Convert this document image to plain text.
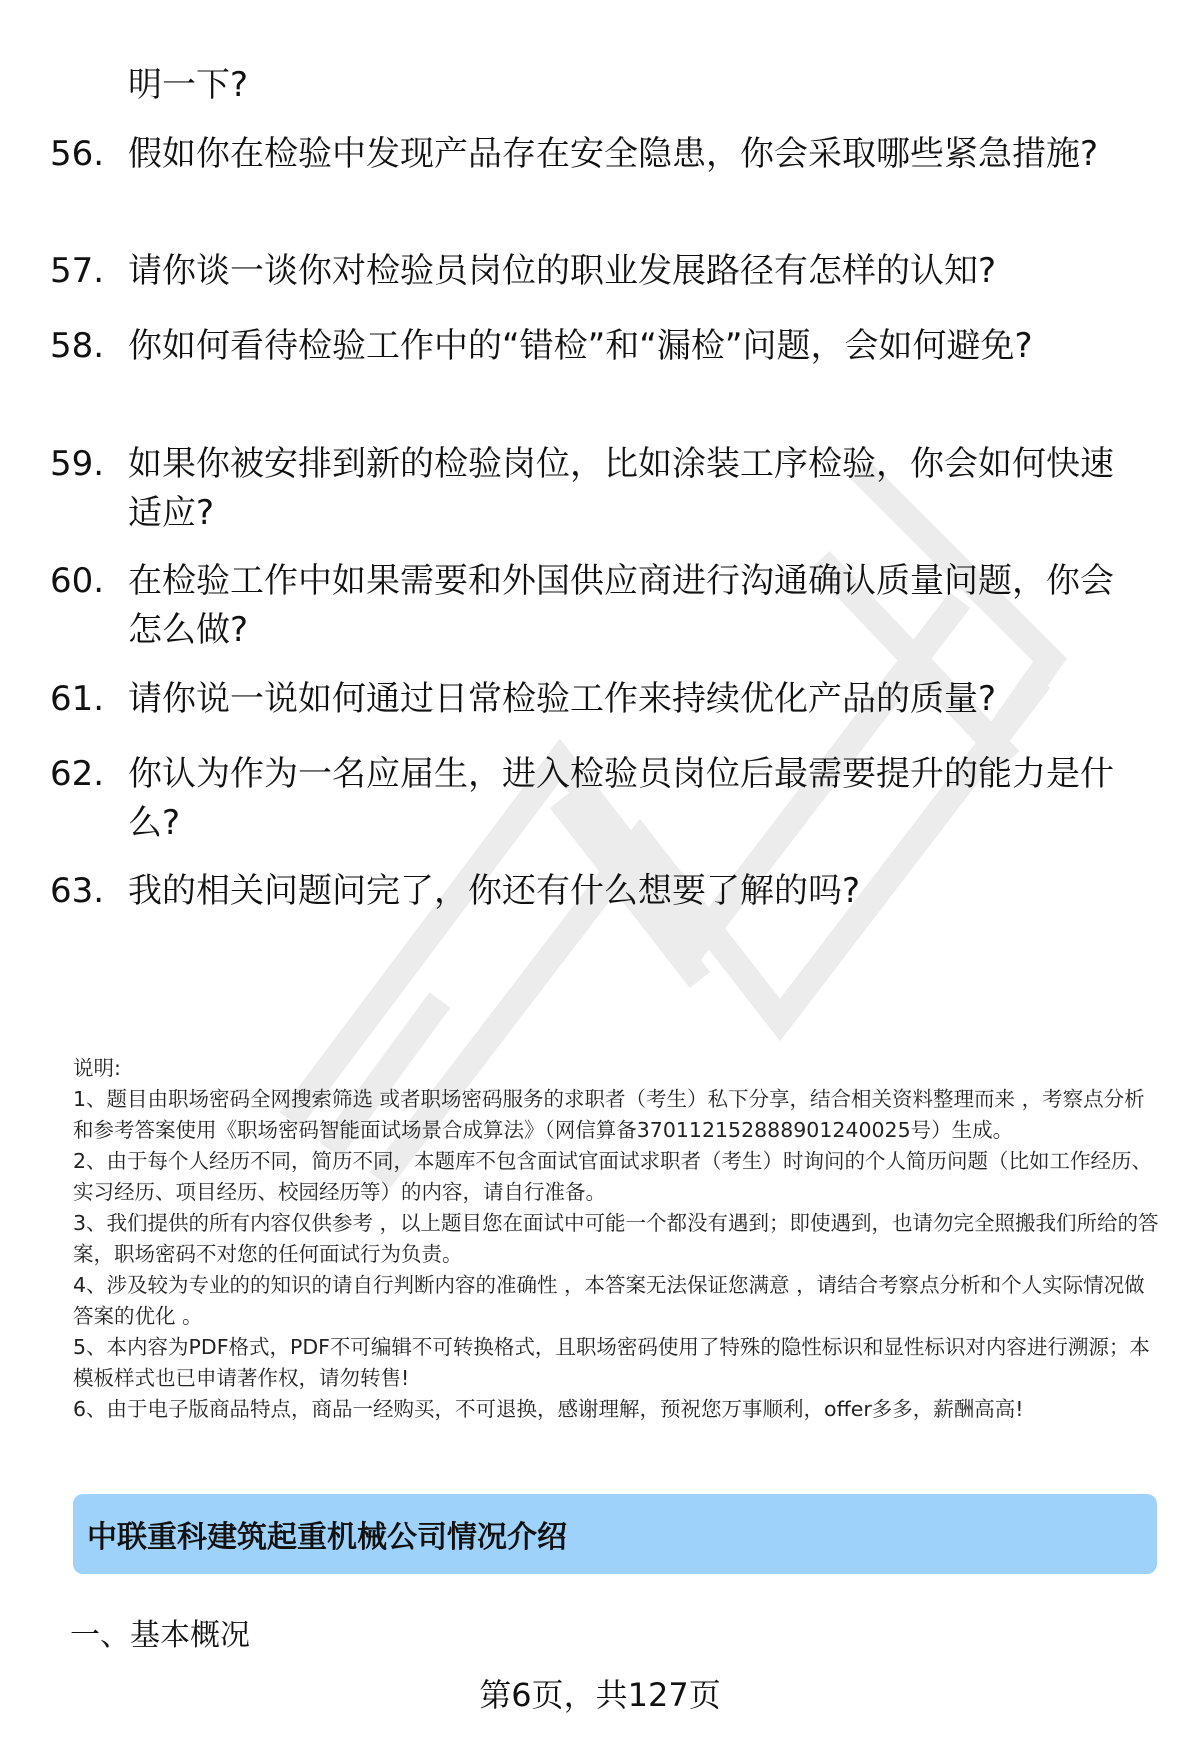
明一下?
56. 假如你在检验中发现产品存在安全隐患，你会采取哪些紧急措施?
57. 请你谈一谈你对检验员岗位的职业发展路径有怎样的认知?
58. 你如何看待检验工作中的“错检”和“漏检”问题，会如何避免?
59. 如果你被安排到新的检验岗位，比如涂装工序检验，你会如何快速适应?
60. 在检验工作中如果需要和外国供应商进行沟通确认质量问题，你会怎么做?
61. 请你说一说如何通过日常检验工作来持续优化产品的质量?
62. 你认为作为一名应届生，进入检验员岗位后最需要提升的能力是什么?
63. 我的相关问题问完了，你还有什么想要了解的吗?

说明:

1、题目由职场密码全网搜索筛选 或者职场密码服务的求职者（考生）私下分享，结合相关资料整理而来 ，考察点分析和参考答案使用《职场密码智能面试场景合成算法》（网信算备370112152888901240025号）生成。

2、由于每个人经历不同，简历不同，本题库不包含面试官面试求职者（考生）时询问的个人简历问题（比如工作经历、实习经历、项目经历、校园经历等）的内容，请自行准备。

3、我们提供的所有内容仅供参考 ，以上题目您在面试中可能一个都没有遇到；即使遇到，也请勿完全照搬我们所给的答案，职场密码不对您的任何面试行为负责。

4、涉及较为专业的的知识的请自行判断内容的准确性 ，本答案无法保证您满意 ，请结合考察点分析和个人实际情况做答案的优化 。

5、本内容为PDF格式，PDF不可编辑不可转换格式，且职场密码使用了特殊的隐性标识和显性标识对内容进行溯源；本模板样式也已申请著作权，请勿转售!

6、由于电子版商品特点，商品一经购买，不可退换，感谢理解，预祝您万事顺利，offer多多，薪酬高高!

中联重科建筑起重机械公司情况介绍
一、基本概况
第6页，共127页
